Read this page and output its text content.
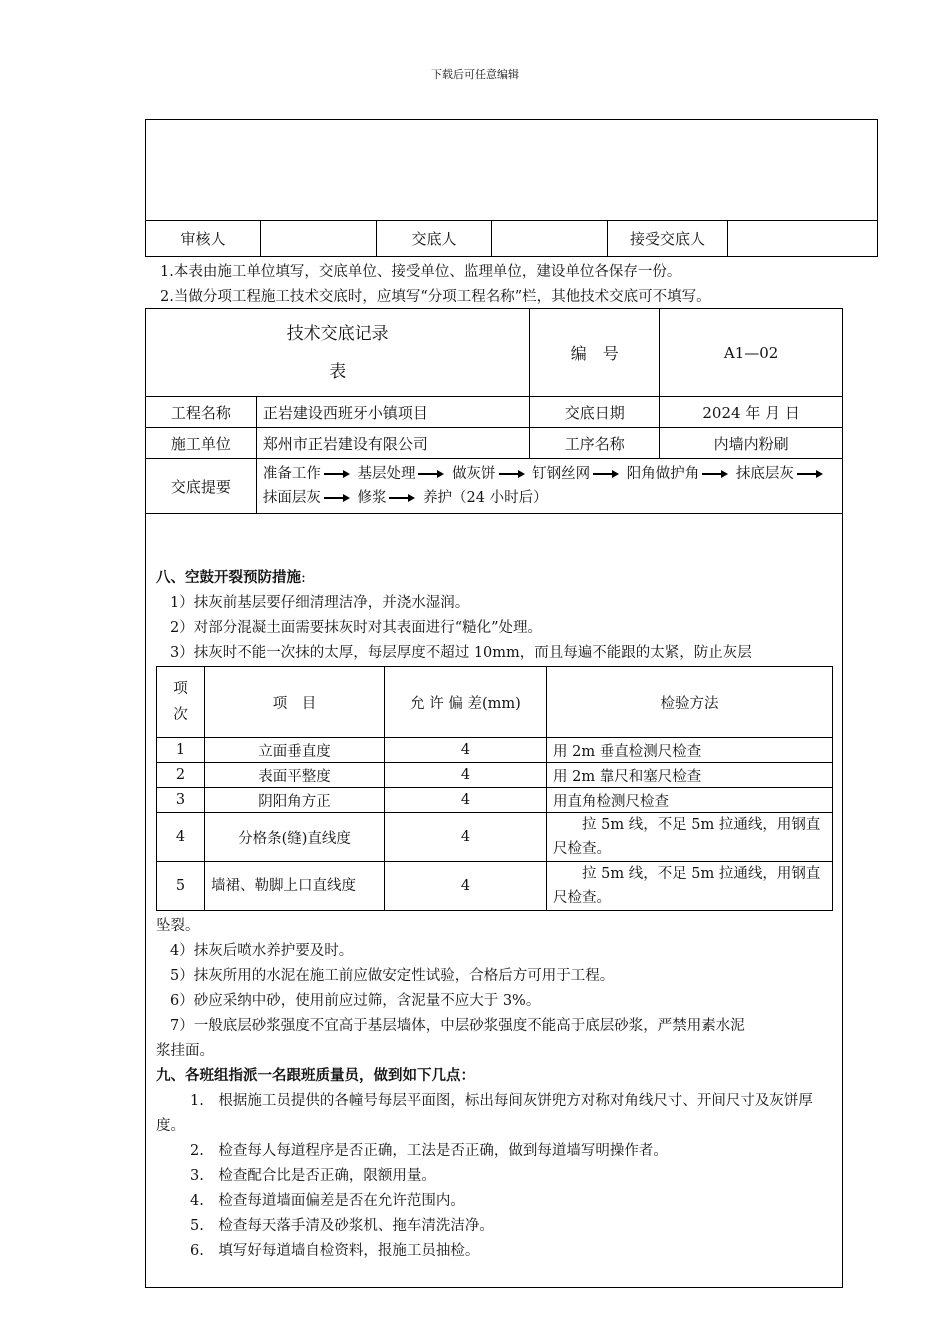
下载后可任意编辑
审核人	交底人	接受交底人
1.本表由施工单位填写，交底单位、接受单位、监理单位，建设单位各保存一份。
2.当做分项工程施工技术交底时，应填写“分项工程名称”栏，其他技术交底可不填写。
技术交底记录
表		编　号	A1—02
工程名称	正岩建设西班牙小镇项目	交底日期	2024 年 月 日
施工单位	郑州市正岩建设有限公司	工序名称	内墙内粉刷
交底提要	准备工作 基层处理 做灰饼 钉钢丝网 阳角做护角 抹底层灰 抹面层灰 修浆 养护（24 小时后）		
八、空鼓开裂预防措施:
1）抹灰前基层要仔细清理洁净，并浇水湿润。
2）对部分混凝土面需要抹灰时对其表面进行“糙化”处理。
3）抹灰时不能一次抹的太厚，每层厚度不超过 10mm，而且每遍不能跟的太紧，防止灰层
项
次	项　目	允 许 偏 差(mm)	检验方法
1	立面垂直度	4	用 2m 垂直检测尺检查
2	表面平整度	4	用 2m 靠尺和塞尺检查
3	阴阳角方正	4	用直角检测尺检查
4	分格条(缝)直线度	4	　　拉 5m 线，不足 5m 拉通线，用钢直尺检查。
5	墙裙、勒脚上口直线度	4	　　拉 5m 线，不足 5m 拉通线，用钢直尺检查。
坠裂。
4）抹灰后喷水养护要及时。
5）抹灰所用的水泥在施工前应做安定性试验，合格后方可用于工程。
6）砂应采纳中砂，使用前应过筛，含泥量不应大于 3%。
7）一般底层砂浆强度不宜高于基层墙体，中层砂浆强度不能高于底层砂浆，严禁用素水泥
浆挂面。
九、各班组指派一名跟班质量员，做到如下几点：
1.　根据施工员提供的各幢号每层平面图，标出每间灰饼兜方对称对角线尺寸、开间尺寸及灰饼厚度。
2.　检查每人每道程序是否正确，工法是否正确，做到每道墙写明操作者。
3.　检查配合比是否正确，限额用量。
4.　检查每道墙面偏差是否在允许范围内。
5.　检查每天落手清及砂浆机、拖车清洗洁净。
6.　填写好每道墙自检资料，报施工员抽检。
